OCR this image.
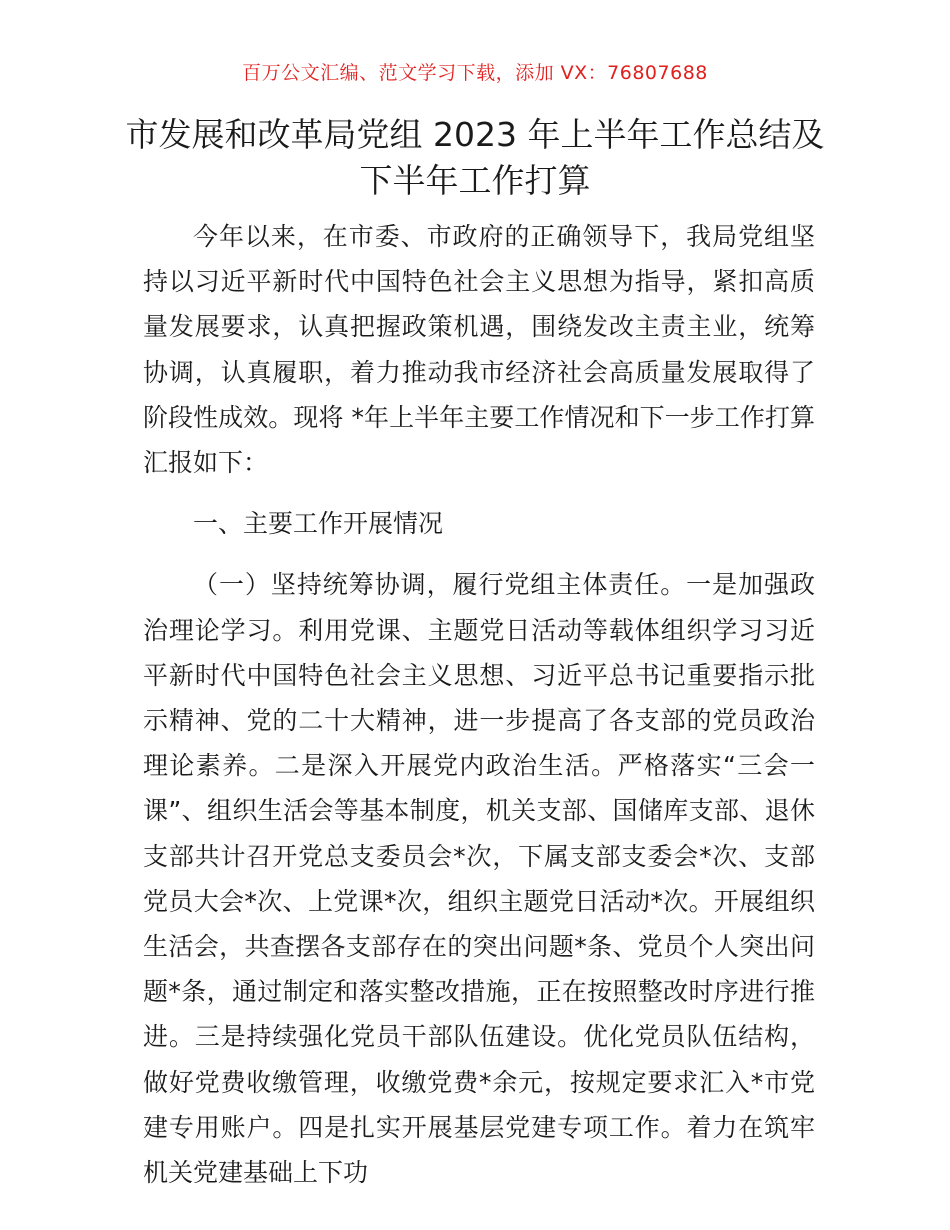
百万公文汇编、范文学习下载，添加 VX：76807688
市发展和改革局党组 2023 年上半年工作总结及
下半年工作打算

今年以来，在市委、市政府的正确领导下，我局党组坚持以习近平新时代中国特色社会主义思想为指导，紧扣高质量发展要求，认真把握政策机遇，围绕发改主责主业，统筹协调，认真履职，着力推动我市经济社会高质量发展取得了阶段性成效。现将 *年上半年主要工作情况和下一步工作打算汇报如下：

一、主要工作开展情况

（一）坚持统筹协调，履行党组主体责任。一是加强政治理论学习。利用党课、主题党日活动等载体组织学习习近平新时代中国特色社会主义思想、习近平总书记重要指示批示精神、党的二十大精神，进一步提高了各支部的党员政治理论素养。二是深入开展党内政治生活。严格落实“三会一课”、组织生活会等基本制度，机关支部、国储库支部、退休支部共计召开党总支委员会*次，下属支部支委会*次、支部党员大会*次、上党课*次，组织主题党日活动*次。开展组织生活会，共查摆各支部存在的突出问题*条、党员个人突出问题*条，通过制定和落实整改措施，正在按照整改时序进行推进。三是持续强化党员干部队伍建设。优化党员队伍结构，做好党费收缴管理，收缴党费*余元，按规定要求汇入*市党建专用账户。四是扎实开展基层党建专项工作。着力在筑牢机关党建基础上下功
